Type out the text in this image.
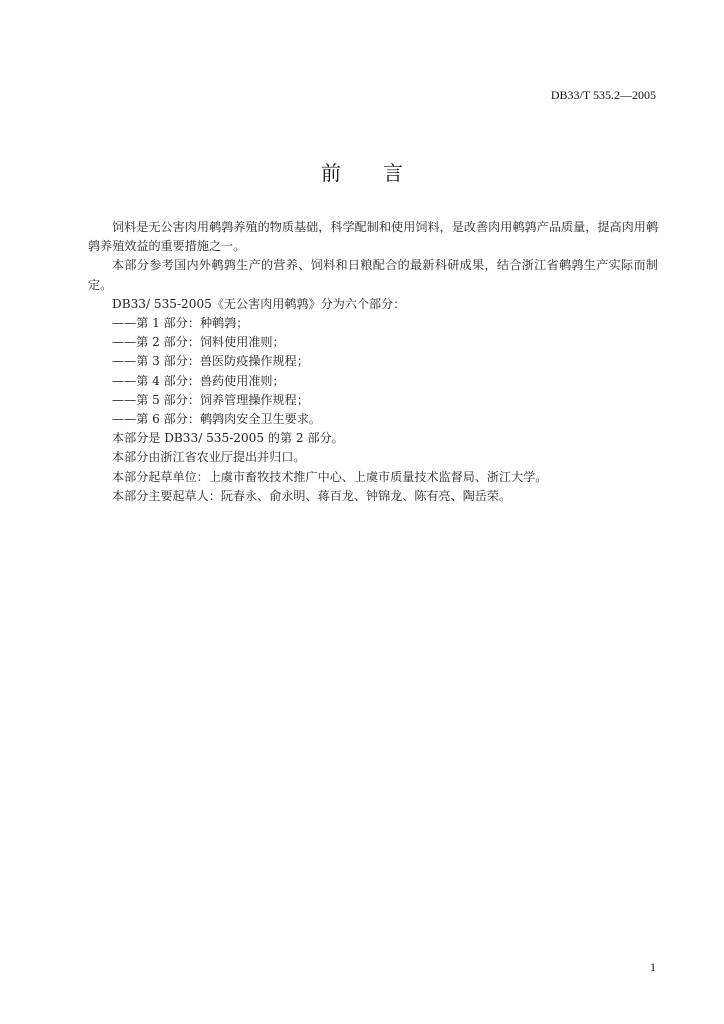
DB33/T 535.2—2005
前言

饲料是无公害肉用鹌鹑养殖的物质基础，科学配制和使用饲料，是改善肉用鹌鹑产品质量，提高肉用鹌鹑养殖效益的重要措施之一。

本部分参考国内外鹌鹑生产的营养、饲料和日粮配合的最新科研成果，结合浙江省鹌鹑生产实际而制定。

DB33/ 535-2005《无公害肉用鹌鹑》分为六个部分：

——第 1 部分：种鹌鹑；

——第 2 部分：饲料使用准则；

——第 3 部分：兽医防疫操作规程；

——第 4 部分：兽药使用准则；

——第 5 部分：饲养管理操作规程；

——第 6 部分：鹌鹑肉安全卫生要求。

本部分是 DB33/ 535-2005 的第 2 部分。

本部分由浙江省农业厅提出并归口。

本部分起草单位：上虞市畜牧技术推广中心、上虞市质量技术监督局、浙江大学。

本部分主要起草人：阮春永、俞永明、蒋百龙、钟锦龙、陈有亮、陶岳荣。

1
